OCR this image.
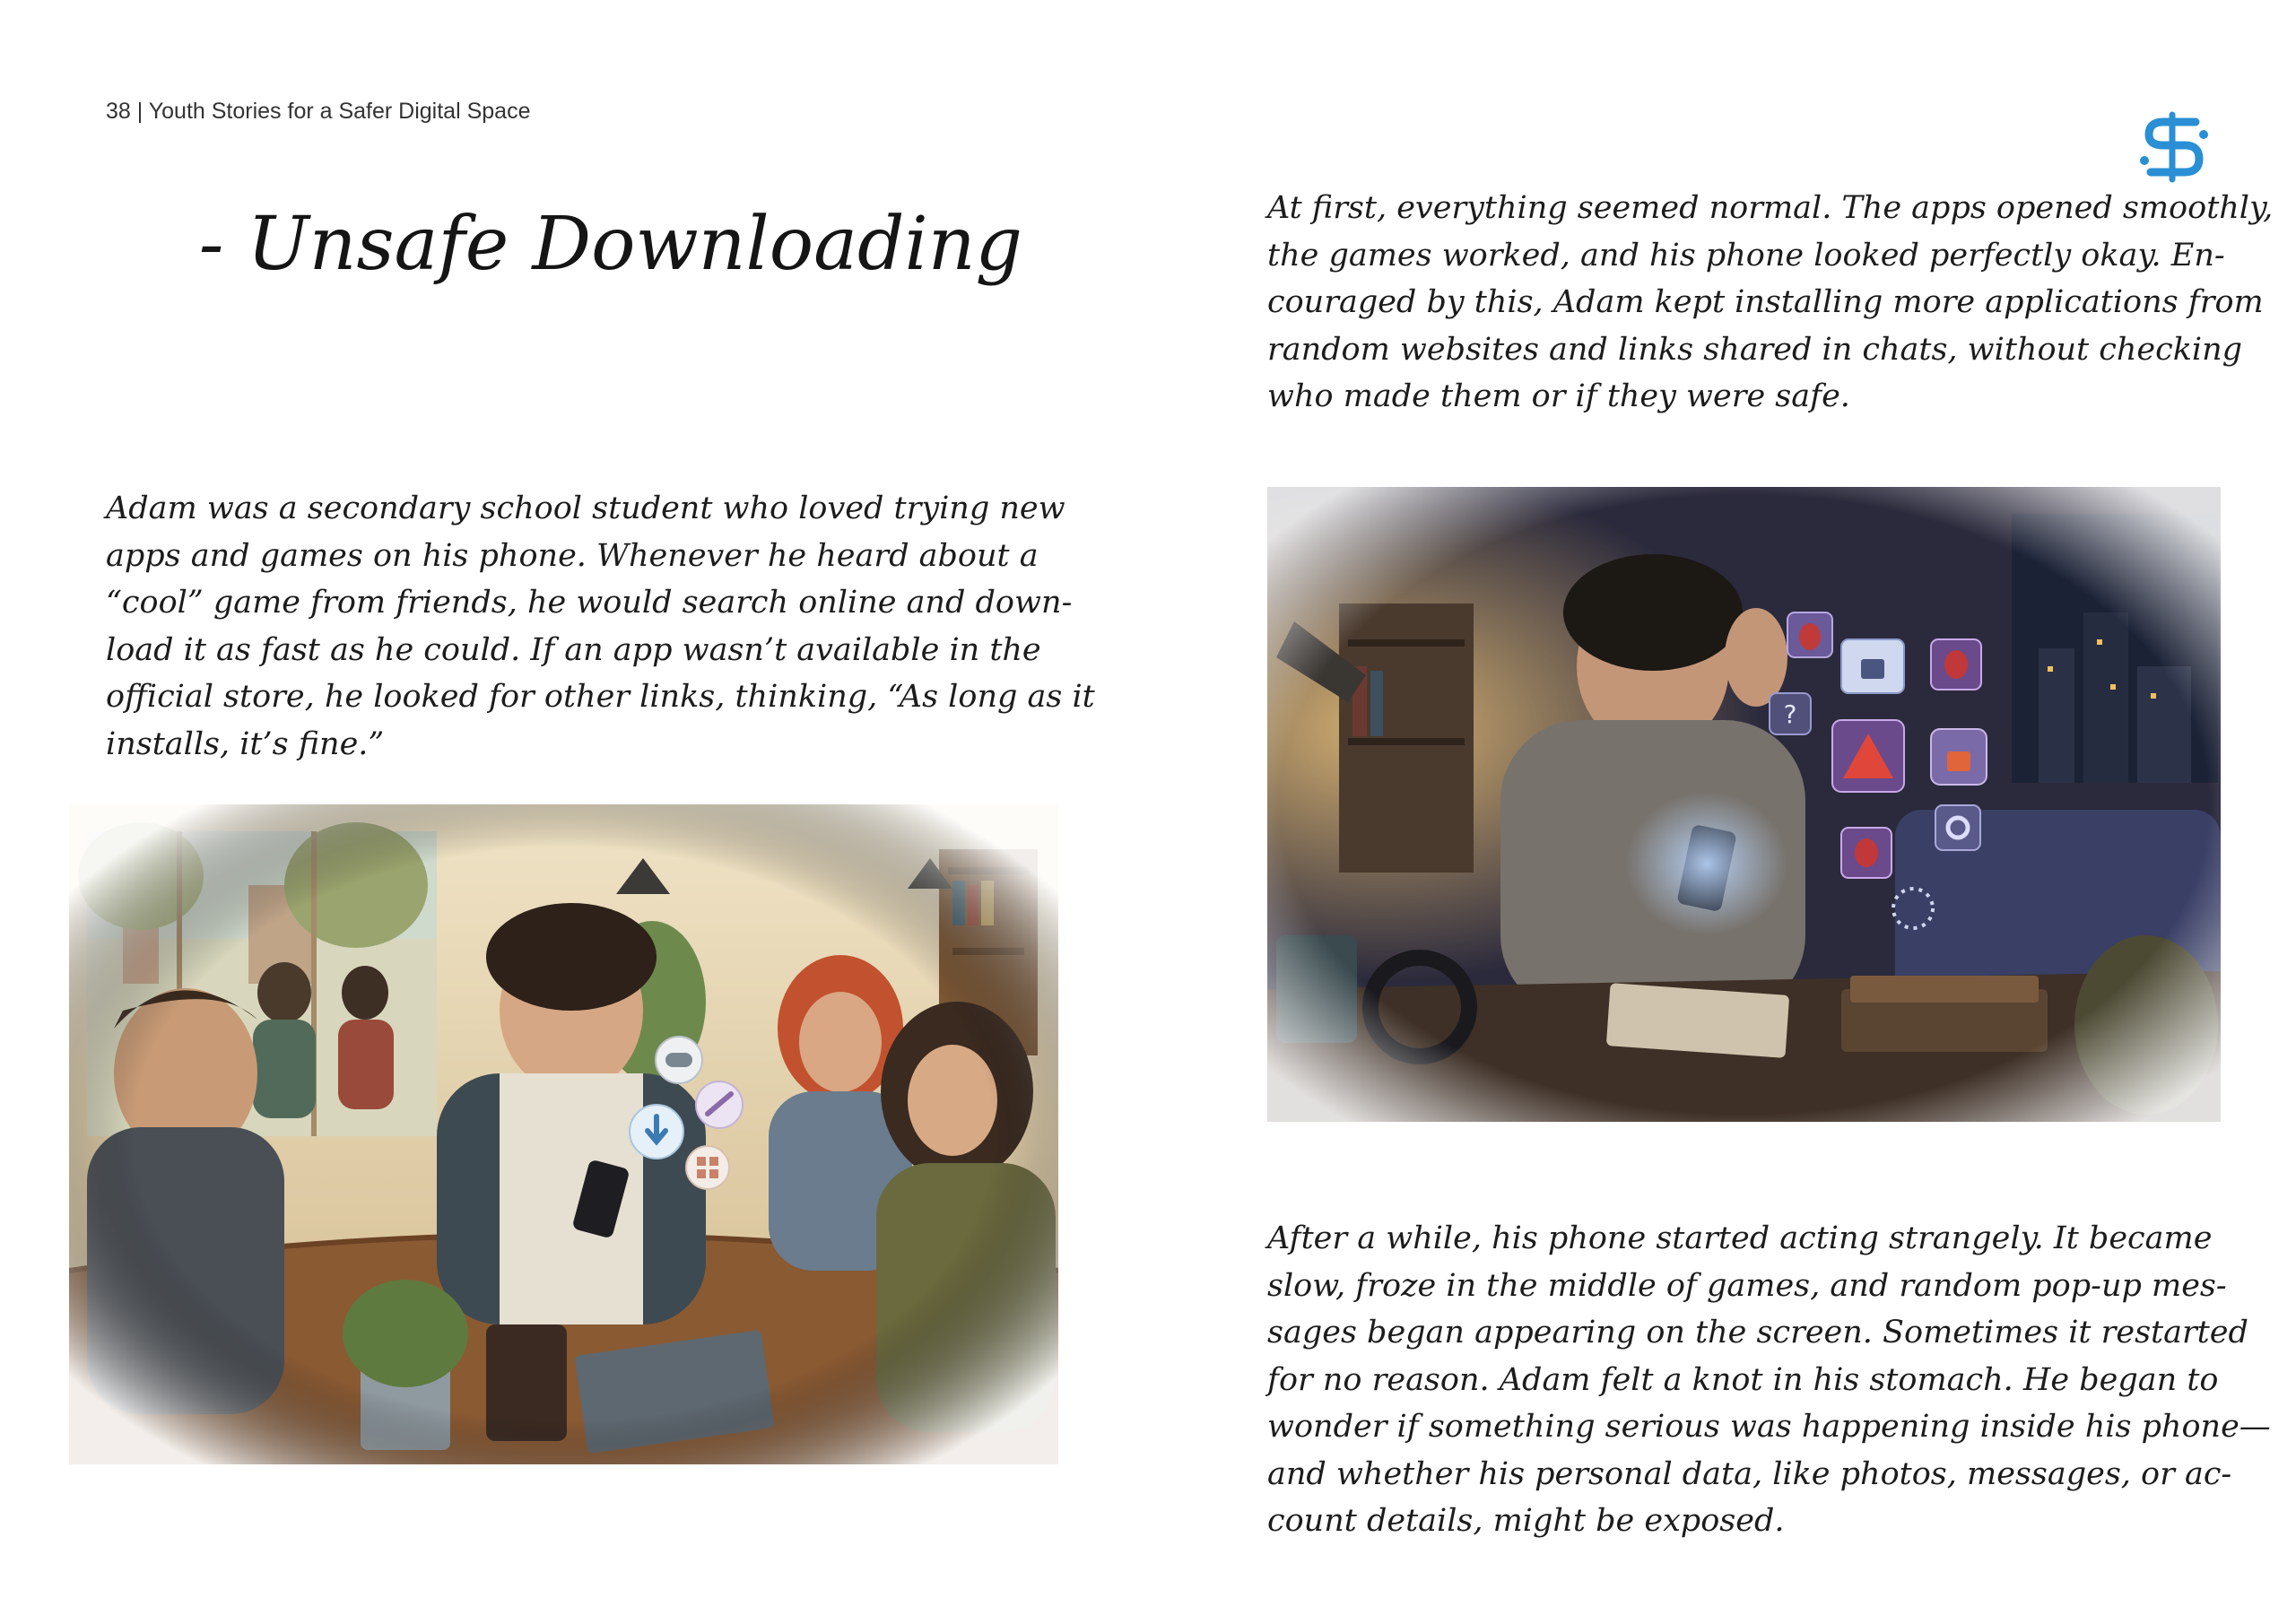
38 | Youth Stories for a Safer Digital Space
- Unsafe Downloading

Adam was a secondary school student who loved trying new
apps and games on his phone. Whenever he heard about a
“cool” game from friends, he would search online and down-
load it as fast as he could. If an app wasn’t available in the
official store, he looked for other links, thinking, “As long as it
installs, it’s fine.”

At first, everything seemed normal. The apps opened smoothly,
the games worked, and his phone looked perfectly okay. En-
couraged by this, Adam kept installing more applications from
random websites and links shared in chats, without checking
who made them or if they were safe.

After a while, his phone started acting strangely. It became
slow, froze in the middle of games, and random pop-up mes-
sages began appearing on the screen. Sometimes it restarted
for no reason. Adam felt a knot in his stomach. He began to
wonder if something serious was happening inside his phone—
and whether his personal data, like photos, messages, or ac-
count details, might be exposed.
